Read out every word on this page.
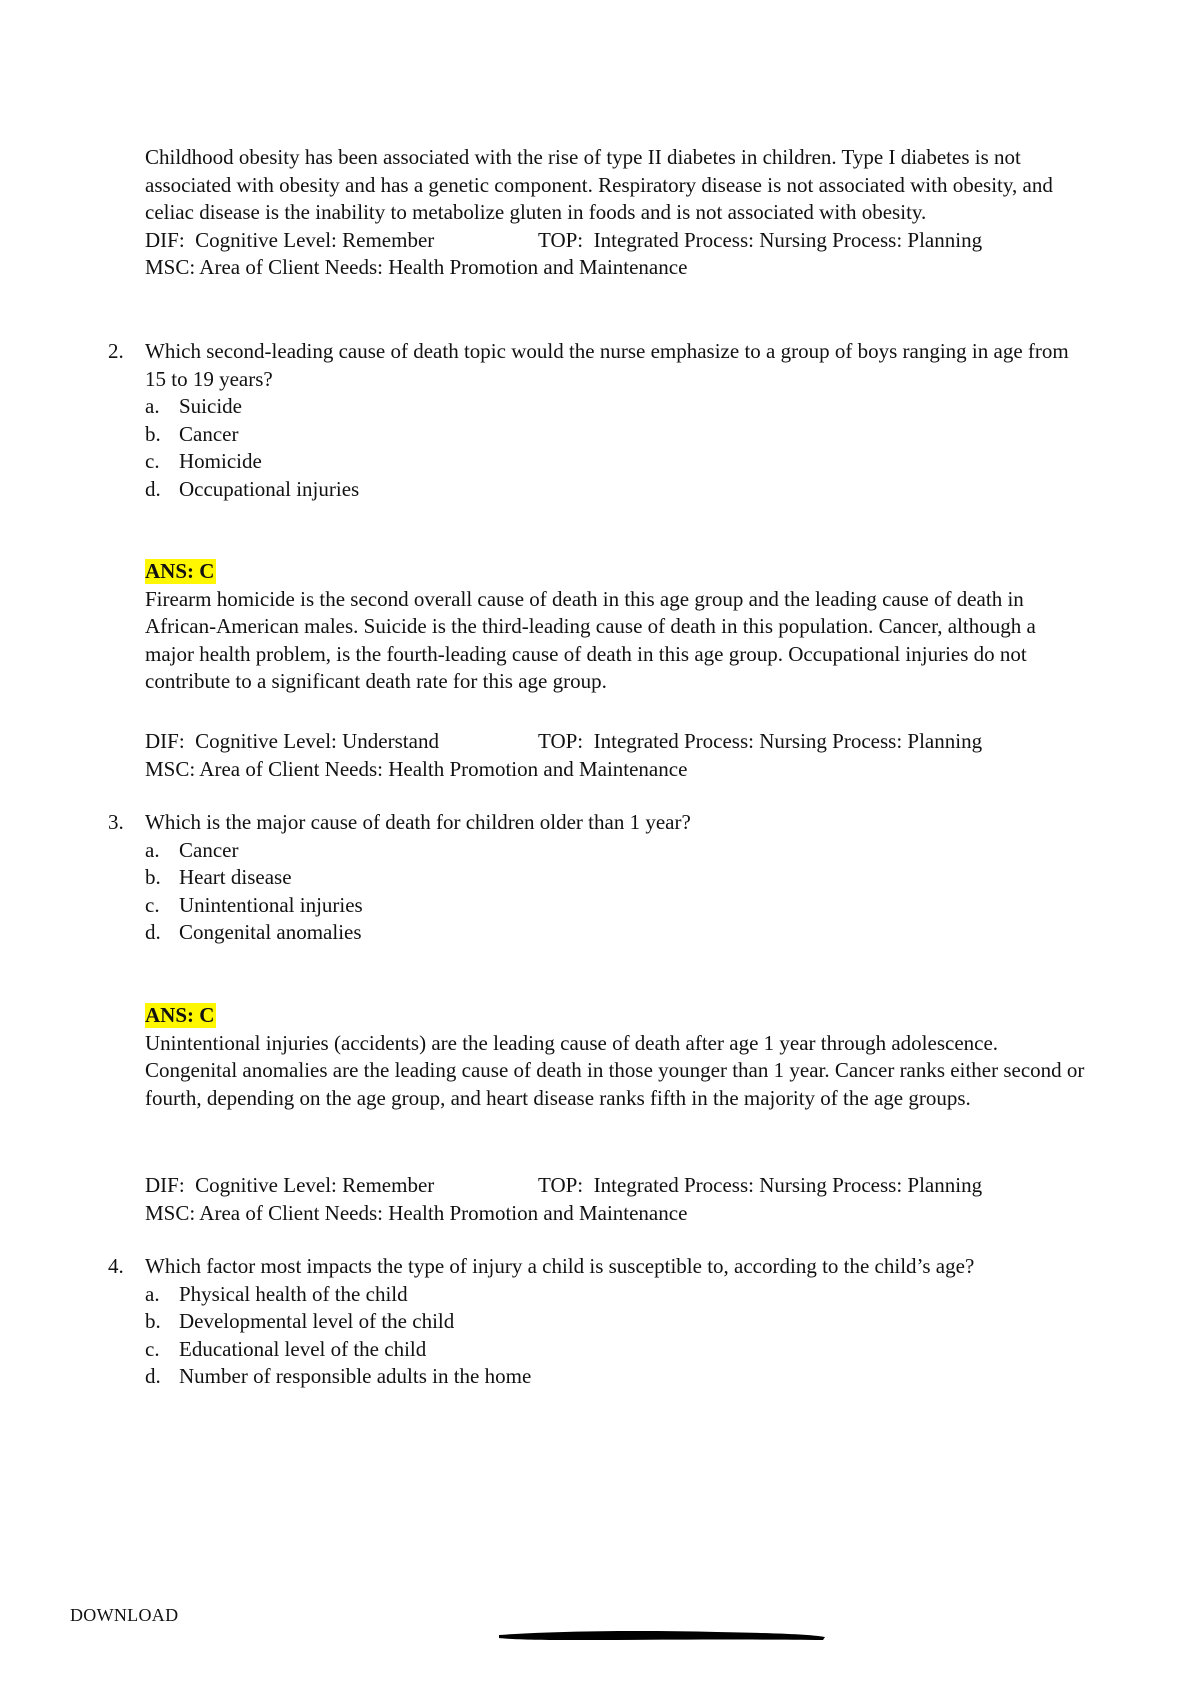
Childhood obesity has been associated with the rise of type II diabetes in children. Type I diabetes is not associated with obesity and has a genetic component. Respiratory disease is not associated with obesity, and celiac disease is the inability to metabolize gluten in foods and is not associated with obesity.

DIF:  Cognitive Level: Remember	TOP:  Integrated Process: Nursing Process: Planning

MSC: Area of Client Needs: Health Promotion and Maintenance

2. Which second-leading cause of death topic would the nurse emphasize to a group of boys ranging in age from 15 to 19 years?
a. Suicide
b. Cancer
c. Homicide
d. Occupational injuries
ANS: C

Firearm homicide is the second overall cause of death in this age group and the leading cause of death in African-American males. Suicide is the third-leading cause of death in this population. Cancer, although a major health problem, is the fourth-leading cause of death in this age group. Occupational injuries do not contribute to a significant death rate for this age group.

DIF:  Cognitive Level: Understand	TOP:  Integrated Process: Nursing Process: Planning

MSC: Area of Client Needs: Health Promotion and Maintenance

3. Which is the major cause of death for children older than 1 year?
a. Cancer
b. Heart disease
c. Unintentional injuries
d. Congenital anomalies
ANS: C

Unintentional injuries (accidents) are the leading cause of death after age 1 year through adolescence. Congenital anomalies are the leading cause of death in those younger than 1 year. Cancer ranks either second or fourth, depending on the age group, and heart disease ranks fifth in the majority of the age groups.

DIF:  Cognitive Level: Remember	TOP:  Integrated Process: Nursing Process: Planning

MSC: Area of Client Needs: Health Promotion and Maintenance

4. Which factor most impacts the type of injury a child is susceptible to, according to the child’s age?
a. Physical health of the child
b. Developmental level of the child
c. Educational level of the child
d. Number of responsible adults in the home
DOWNLOAD
